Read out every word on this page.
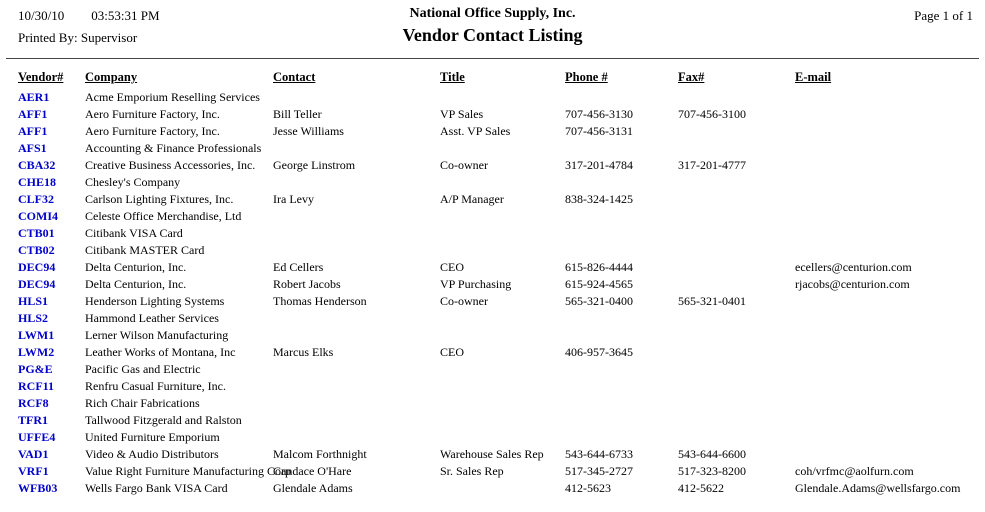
10/30/10 03:53:31 PM
Printed By: Supervisor
National Office Supply, Inc.
Vendor Contact Listing
Page 1 of 1
Vendor#	Company	Contact	Title	Phone #	Fax#	E-mail
AER1	Acme Emporium Reselling Services					
AFF1	Aero Furniture Factory, Inc.	Bill Teller	VP Sales	707-456-3130	707-456-3100	
AFF1	Aero Furniture Factory, Inc.	Jesse Williams	Asst. VP Sales	707-456-3131		
AFS1	Accounting & Finance Professionals					
CBA32	Creative Business Accessories, Inc.	George Linstrom	Co-owner	317-201-4784	317-201-4777	
CHE18	Chesley's Company					
CLF32	Carlson Lighting Fixtures, Inc.	Ira Levy	A/P Manager	838-324-1425		
COMI4	Celeste Office Merchandise, Ltd					
CTB01	Citibank VISA Card					
CTB02	Citibank MASTER Card					
DEC94	Delta Centurion, Inc.	Ed Cellers	CEO	615-826-4444		ecellers@centurion.com
DEC94	Delta Centurion, Inc.	Robert Jacobs	VP Purchasing	615-924-4565		rjacobs@centurion.com
HLS1	Henderson Lighting Systems	Thomas Henderson	Co-owner	565-321-0400	565-321-0401	
HLS2	Hammond Leather Services					
LWM1	Lerner Wilson Manufacturing					
LWM2	Leather Works of Montana, Inc	Marcus Elks	CEO	406-957-3645		
PG&E	Pacific Gas and Electric					
RCF11	Renfru Casual Furniture, Inc.					
RCF8	Rich Chair Fabrications					
TFR1	Tallwood Fitzgerald and Ralston					
UFFE4	United Furniture Emporium					
VAD1	Video & Audio Distributors	Malcom Forthnight	Warehouse Sales Rep	543-644-6733	543-644-6600	
VRF1	Value Right Furniture Manufacturing Corp	Candace O'Hare	Sr. Sales Rep	517-345-2727	517-323-8200	coh/vrfmc@aolfurn.com
WFB03	Wells Fargo Bank VISA Card	Glendale Adams		412-5623	412-5622	Glendale.Adams@wellsfargo.com
